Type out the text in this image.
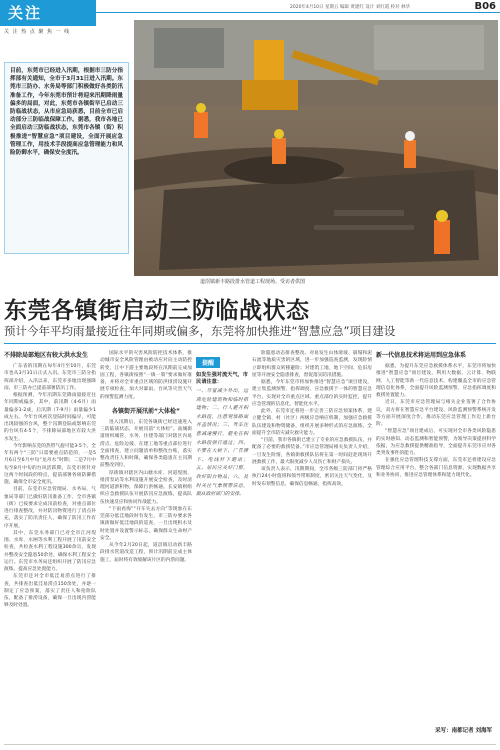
关注
关 注 热 点 聚 焦 一 线
2020年4月10日 星期五 编辑 黄建红 设计 刘红霞 校对 林华	B06

目前，东莞市已经进入汛期，根据市三防分指挥部有关通知，全市于3月31日进入汛期。东莞市三防办、水务局等部门积极做好各类防汛准备工作，今年东莞市预计将迎来汛期降雨量偏多的局面，对此，东莞市各镇街早已启动三防临战状态，从市应急局获悉，目前全市已启动部分三防临战保障工作。据悉，我市各地已全面启动三防临战状态，东莞市各镇（街）积极推进“智慧应急”项目建设，全面开展应急管理工作，用技术手段提高应急管理能力和风险防御水平，确保安全度汛。

道滘镇新丰路段排水管道工程现场。受访者供图
东莞各镇街启动三防临战状态
预计今年平均雨量接近往年同期或偏多，东莞将加快推进“智慧应急”项目建设
不排除局部地区有较大洪水发生

广东省的汛期在每年4月至10月，东莞市也从3月31日正式入汛。东莞市三防分指挥部介绍，入汛以来，东莞市多地出现强降雨，市三防办已提前部署防汛工作。

根据预测，今年汛期东莞降雨量接近往年同期或偏多，其中，前汛期（4-6月）雨量偏多1-2成，后汛期（7-9月）雨量偏少1成左右。今年台风初次登陆时间偏早，可能出现较强的台风，整个汛期登陆或影响东莞的台风有4-5个，不排除局部地区有较大洪水发生。

今年影响东莞的热带气旋可能3-5个。全年有两个“三防”日需要重点防范的，一是5月6日至6月中旬“龙舟水”时期；二是7月中旬至8月中旬的台风活跃期，东莞市将针对这两个时间段的特点，提前部署各项防御措施，确保全市安全度汛。

目前，东莞市应急管理局、水务局、气象局等部门已做好防汛准备工作，全市各镇（街）已按要求完成汛前检查，对重点部位进行排查整改，并对防汛物资进行了清点补充，落实了防汛责任人，确保了防汛工作有序开展。

其中，东莞水务部门已对全市江河堤围、水库、水闸等水利工程开展了汛前安全检查，共检查水利工程设施300余宗，发现并整改安全隐患50余处，确保水利工程安全运行。东莞市水务局还组织开展了防汛应急演练，提高应急处置能力。

东莞市还对全市低洼易涝点进行了排查，共排查出低洼易涝点150余处，并逐一制定了应急预案，落实了责任人和抢险队伍，配备了排涝设备，确保一旦出现内涝能够及时处置。

国际水平的灾害风险防控技术体系，推动城市安全风险管理由被动应对向主动防控转变，江中下游主要地段将在汛期前完成加固工程，各镇街按照“一镇一策”要求做好准备，并将对全市重点区域的防洪排涝设施开展专项检查，加大对暴雨、台风等灾害天气的预警监测力度。

各镇街开展汛前“大体检”

进入汛期后，东莞各镇街已经迅速进入三防临战状态，开展汛前“大体检”。南城街道组织城管、水务、住建等部门对辖区内易涝点、危险边坡、在建工地等重点部位进行全面排查，建立问题清单和整改台账，落实整改责任人和时限，确保各类隐患在主汛期前整改到位。

厚街镇对辖区内山塘水库、河道堤围、排涝泵站等水利设施开展安全检查，及时清理河道淤积物，保障行洪畅通。长安镇则组织应急救援队伍开展防汛应急演练，提高队伍快速反应和协同作战能力。

“下雨看海”“开车失去方向”等现象在东莞部分低洼地段时有发生，市三防办要求各镇街做好低洼地段的巡查，一旦出现积水及时处置并设置警示标志，确保群众生命财产安全。

从今年2月20日起，道滘镇启动新丰路段排水管道改造工程，预计汛期前完成主体施工，届时将有效缓解该片区的内涝问题。

提醒
如发生强对流天气，市民请注意：

一、尽量减少外出，远离危险建筑物和临时搭建物；二、行人避开积水路段，注意观察路面井盖情况；三、驾车注意减速慢行，避免在积水路段强行通过；四、不要在大树下、广告牌下、电线杆下避雨；五、居民应关好门窗，收好阳台物品；六、及时关注气象预警信息，服从政府部门的安排。

险隐患动态排查整改。对易发生山体滑坡、崩塌和泥石流等地质灾害的区域，进一步加强巡查监测，发现险情立即组织群众转移避险；对建筑工地、地下空间、危旧房屋等开展安全隐患排查，督促落实防汛措施。

据悉，今年东莞市将加快推进“智慧应急”项目建设，建立集监测预警、指挥调度、应急救援于一体的智慧应急平台，实现对全市重点区域、重点部位的实时监控，提升应急管理的信息化、智能化水平。

此外，东莞市还将进一步完善三防应急预案体系，建立健全镇、村（社区）两级应急响应机制，加强应急救援队伍建设和物资储备，组织开展多种形式的应急演练，全面提升全市防灾减灾救灾能力。

“目前，我市各镇街已建立了专业的应急救援队伍，并配备了必要的救援装备。”市应急管理局相关负责人介绍，一旦发生险情，各镇街救援队伍将在第一时间赶赴现场开展救援工作，最大限度减少人员伤亡和财产损失。

该负责人表示，汛期期间，全市各级三防部门将严格执行24小时值班和领导带班制度，密切关注天气变化，及时发布预警信息，确保信息畅通、指挥高效。

新一代信息技术将运用到应急体系

据悉，为提升东莞应急救援体系水平，东莞市将加快推进“智慧应急”项目建设，利用大数据、云计算、物联网、人工智能等新一代信息技术，构建覆盖全市的应急管理信息化体系，全面提升风险监测预警、应急指挥调度和救援处置能力。

近日，东莞市应急管理局与相关企业签署了合作协议，双方将在智慧应急平台建设、风险监测预警系统开发等方面开展深度合作，推动东莞应急管理工作迈上新台阶。

“智慧应急”项目建成后，可实现对全市各类风险隐患的实时感知、动态监测和智能预警，为领导决策提供科学依据，为应急救援提供精准指导，全面提升东莞市应对各类突发事件的能力。

在强化应急管理科技支撑方面，东莞市还将建设应急管理综合应用平台，整合各部门信息资源，实现数据共享和业务协同，推进应急管理体系和能力现代化。

采写：南都记者 刘海军
